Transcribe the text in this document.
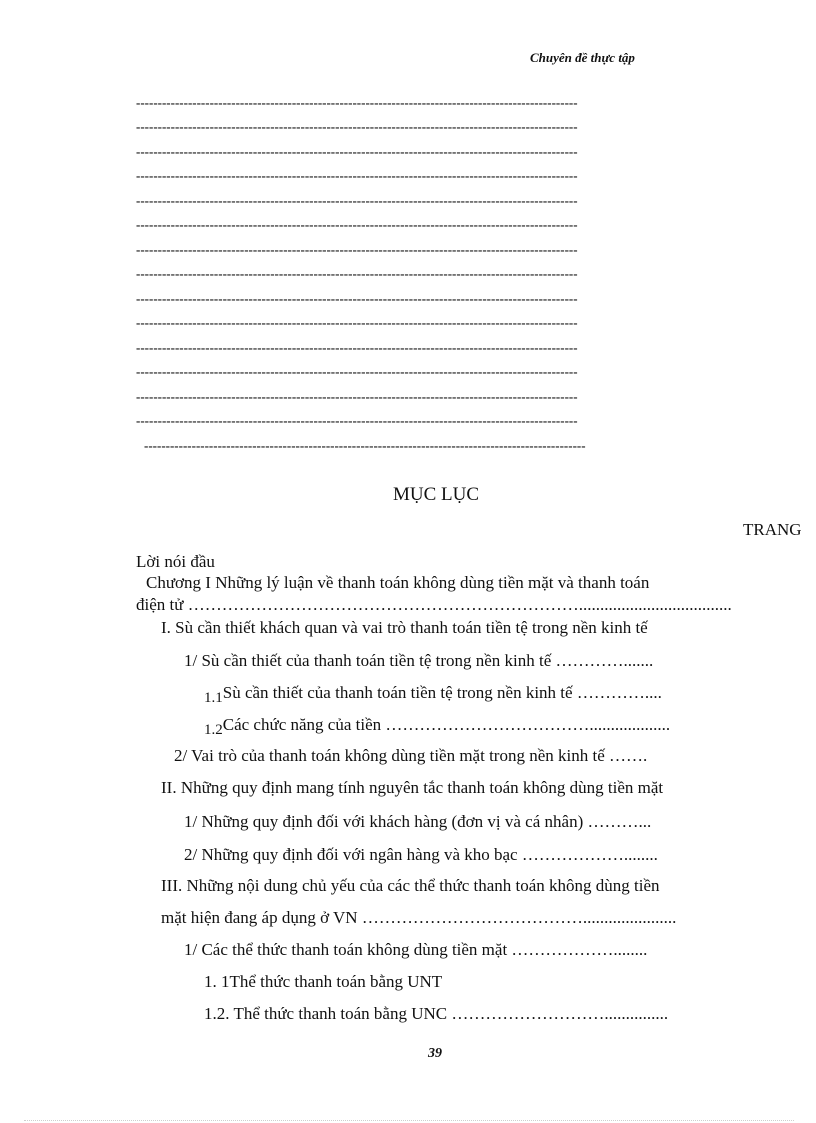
Chuyên đề thực tập
------------------------------------------------------------------------------------------------------
------------------------------------------------------------------------------------------------------
------------------------------------------------------------------------------------------------------
------------------------------------------------------------------------------------------------------
------------------------------------------------------------------------------------------------------
------------------------------------------------------------------------------------------------------
------------------------------------------------------------------------------------------------------
------------------------------------------------------------------------------------------------------
------------------------------------------------------------------------------------------------------
------------------------------------------------------------------------------------------------------
------------------------------------------------------------------------------------------------------
------------------------------------------------------------------------------------------------------
------------------------------------------------------------------------------------------------------
------------------------------------------------------------------------------------------------------
------------------------------------------------------------------------------------------------------
MỤC LỤC
TRANG
Lời nói đầu
Chương I Những lý luận về thanh toán không dùng tiền mặt và thanh toán
điện tử ……………………………………………………………....................................
I. Sù cần thiết khách quan và vai trò thanh toán tiền tệ trong nền kinh tế
1/ Sù cần thiết của thanh toán tiền tệ trong nền kinh tế ………….......
1.1Sù cần thiết của thanh toán tiền tệ trong nền kinh tế …………....
1.2Các chức năng của tiền ………………………………...................
2/ Vai trò của thanh toán không dùng tiền mặt trong nền kinh tế …….
II. Những quy định mang tính nguyên tắc thanh toán không dùng tiền mặt
1/ Những quy định đối với khách hàng (đơn vị và cá nhân) ………...
2/ Những quy định đối với ngân hàng và kho bạc ………………........
III. Những nội dung chủ yếu của các thể thức thanh toán không dùng tiền
mặt hiện đang áp dụng ở VN …………………………………......................
1/ Các thể thức thanh toán không dùng tiền mặt ………………........
1. 1Thể thức thanh toán bằng UNT
1.2. Thể thức thanh toán bằng UNC ………………………...............
39
